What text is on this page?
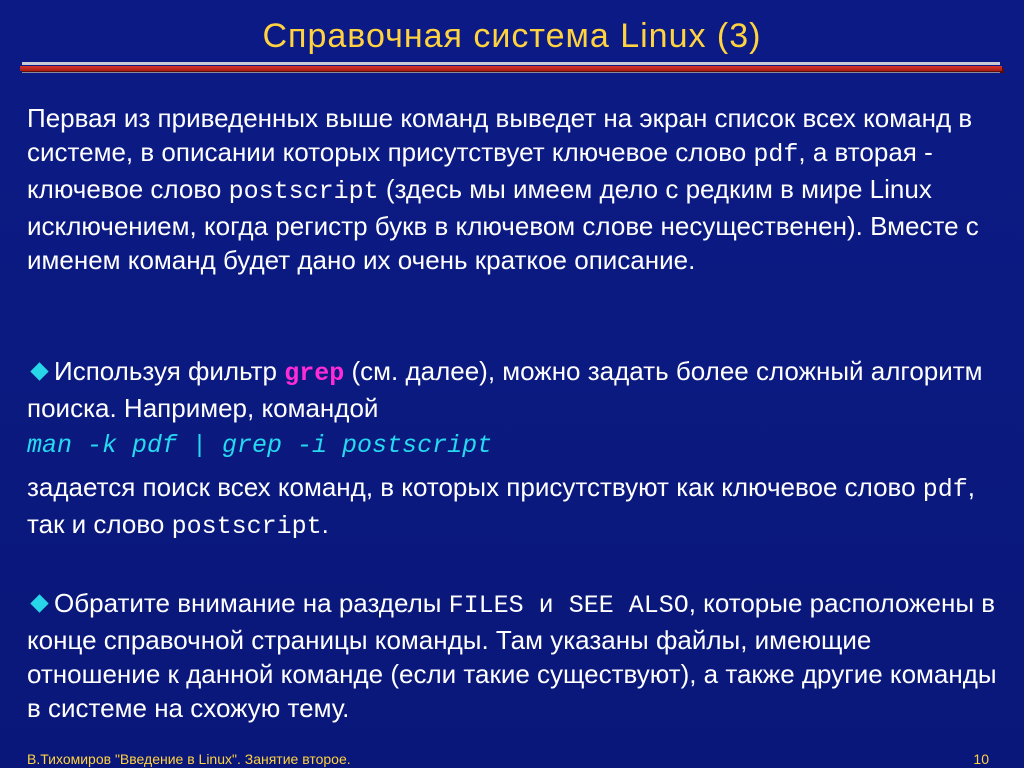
Справочная система Linux (3)
Первая из приведенных выше команд выведет на экран список всех команд в системе, в описании которых присутствует ключевое слово pdf, а вторая - ключевое слово postscript (здесь мы имеем дело с редким в мире Linux исключением, когда регистр букв в ключевом слове несущественен). Вместе с именем команд будет дано их очень краткое описание.
Используя фильтр grep (см. далее), можно задать более сложный алгоритм поиска. Например, командой
man -k pdf | grep -i postscript
задается поиск всех команд, в которых присутствуют как ключевое слово pdf, так и слово postscript.
Обратите внимание на разделы FILES и SEE ALSO, которые расположены в конце справочной страницы команды. Там указаны файлы, имеющие отношение к данной команде (если такие существуют), а также другие команды в системе на схожую тему.
В.Тихомиров "Введение в Linux". Занятие второе.	10
